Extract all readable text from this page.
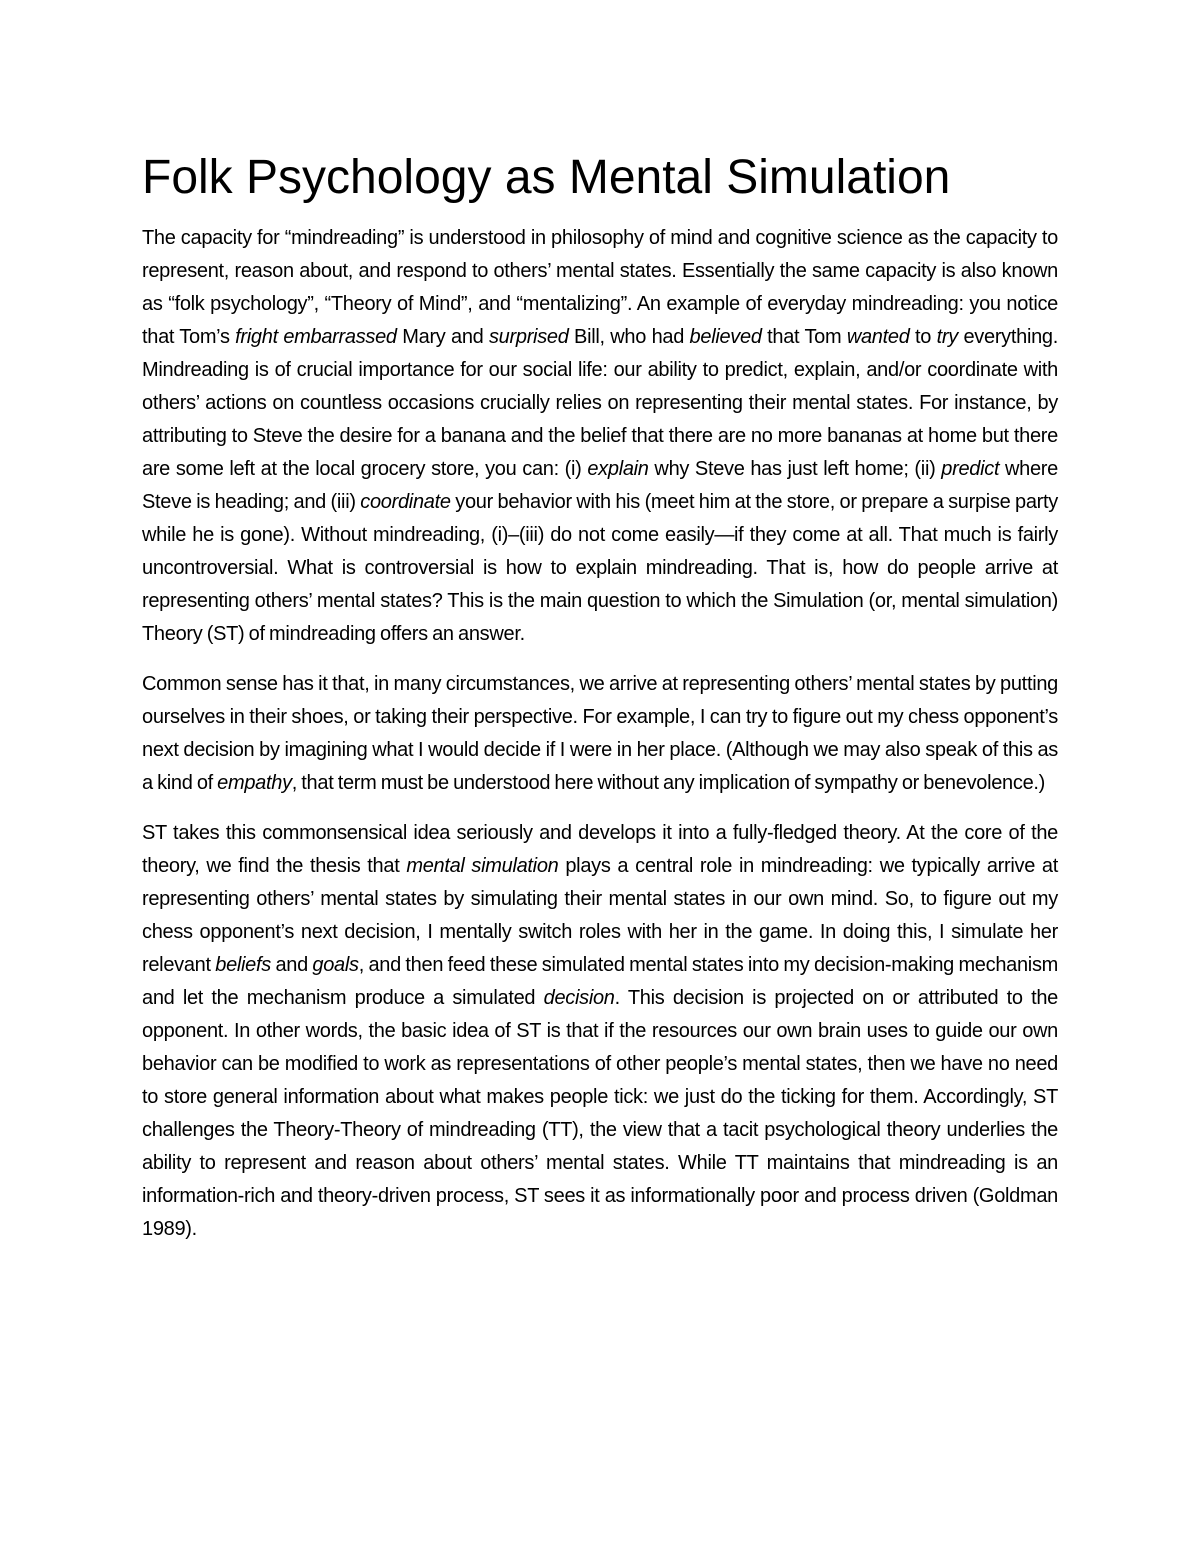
Folk Psychology as Mental Simulation

The capacity for “mindreading” is understood in philosophy of mind and cognitive science as the capacity to represent, reason about, and respond to others’ mental states. Essentially the same capacity is also known as “folk psychology”, “Theory of Mind”, and “mentalizing”. An example of everyday mindreading: you notice that Tom’s fright embarrassed Mary and surprised Bill, who had believed that Tom wanted to try everything. Mindreading is of crucial importance for our social life: our ability to predict, explain, and/or coordinate with others’ actions on countless occasions crucially relies on representing their mental states. For instance, by attributing to Steve the desire for a banana and the belief that there are no more bananas at home but there are some left at the local grocery store, you can: (i) explain why Steve has just left home; (ii) predict where Steve is heading; and (iii) coordinate your behavior with his (meet him at the store, or prepare a surpise party while he is gone). Without mindreading, (i)–(iii) do not come easily—if they come at all. That much is fairly uncontroversial. What is controversial is how to explain mindreading. That is, how do people arrive at representing others’ mental states? This is the main question to which the Simulation (or, mental simulation) Theory (ST) of mindreading offers an answer.

Common sense has it that, in many circumstances, we arrive at representing others’ mental states by putting ourselves in their shoes, or taking their perspective. For example, I can try to figure out my chess opponent’s next decision by imagining what I would decide if I were in her place. (Although we may also speak of this as a kind of empathy, that term must be understood here without any implication of sympathy or benevolence.)

ST takes this commonsensical idea seriously and develops it into a fully-fledged theory. At the core of the theory, we find the thesis that mental simulation plays a central role in mindreading: we typically arrive at representing others’ mental states by simulating their mental states in our own mind. So, to figure out my chess opponent’s next decision, I mentally switch roles with her in the game. In doing this, I simulate her relevant beliefs and goals, and then feed these simulated mental states into my decision-making mechanism and let the mechanism produce a simulated decision. This decision is projected on or attributed to the opponent. In other words, the basic idea of ST is that if the resources our own brain uses to guide our own behavior can be modified to work as representations of other people’s mental states, then we have no need to store general information about what makes people tick: we just do the ticking for them. Accordingly, ST challenges the Theory-Theory of mindreading (TT), the view that a tacit psychological theory underlies the ability to represent and reason about others’ mental states. While TT maintains that mindreading is an information-rich and theory-driven process, ST sees it as informationally poor and process driven (Goldman 1989).
